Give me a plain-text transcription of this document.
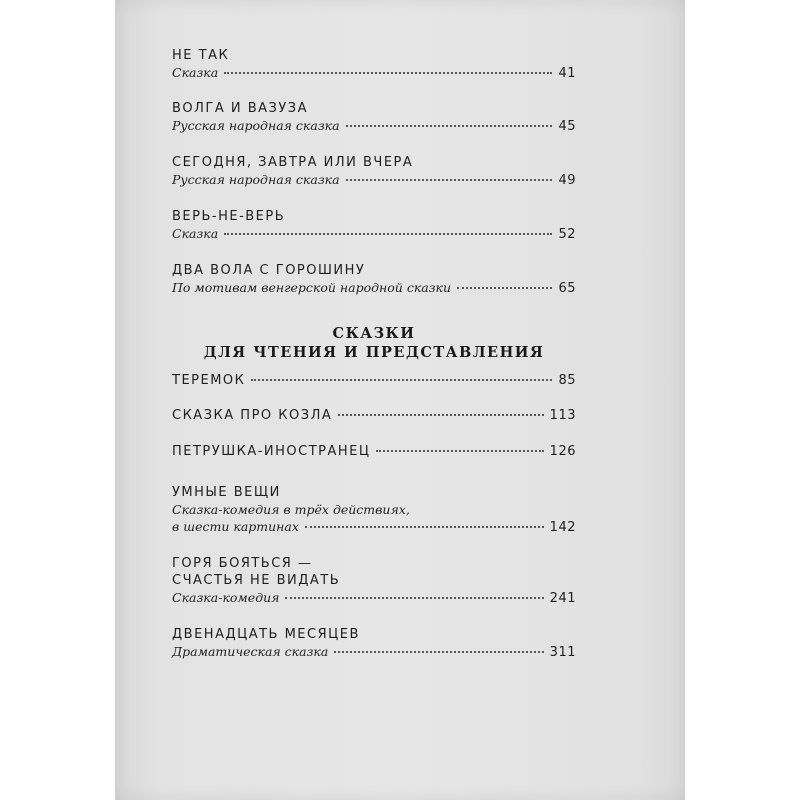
НЕ ТАК
Сказка	41
ВОЛГА И ВАЗУЗА
Русская народная сказка	45
СЕГОДНЯ, ЗАВТРА ИЛИ ВЧЕРА
Русская народная сказка	49
ВЕРЬ-НЕ-ВЕРЬ
Сказка	52
ДВА ВОЛА С ГОРОШИНУ
По мотивам венгерской народной сказки	65
СКАЗКИ
ДЛЯ ЧТЕНИЯ И ПРЕДСТАВЛЕНИЯ
ТЕРЕМОК	85
СКАЗКА ПРО КОЗЛА	113
ПЕТРУШКА-ИНОСТРАНЕЦ	126
УМНЫЕ ВЕЩИ
Сказка-комедия в трёх действиях,
в шести картинах	142
ГОРЯ БОЯТЬСЯ —
СЧАСТЬЯ НЕ ВИДАТЬ
Сказка-комедия	241
ДВЕНАДЦАТЬ МЕСЯЦЕВ
Драматическая сказка	311
